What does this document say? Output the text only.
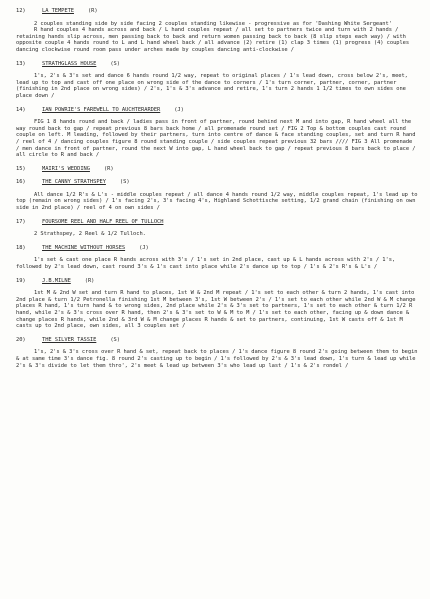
12)	LA TEMPETE	(R)

2 couples standing side by side facing 2 couples standing likewise - progressive as for 'Dashing White Sergeant'

R hand couples 4 hands across and back / L hand couples repeat / all set to partners twice and turn with 2 hands / retaining hands slip across, men passing back to back and return women passing back to back (8 slip steps each way) / with opposite couple 4 hands round to L and L hand wheel back / all advance (2) retire (1) clap 3 times (1) progress (4) couples dancing clockwise round room pass under arches made by couples dancing anti-clockwise /

13)	STRATHGLASS HOUSE	(S)

1's, 2's & 3's set and dance 6 hands round 1/2 way, repeat to original places / 1's lead down, cross below 2's, meet, lead up to top and cast off one place on wrong side of the dance to corners / 1's turn corner, partner, corner, partner (finishing in 2nd place on wrong sides) / 2's, 1's & 3's advance and retire, 1's turn 2 hands 1 1/2 times to own sides one place down /

14)	IAN POWRIE'S FAREWELL TO AUCHTERARDER	(J)

FIG 1 8 hands round and back / ladies pass in front of partner, round behind next M and into gap, R hand wheel all the way round back to gap / repeat previous 8 bars back home / all promenade round set / FIG 2 Top & bottom couples cast round couple on left. M leading, followed by their partners, turn into centre of dance & face standing couples, set and turn R hand / reel of 4 / dancing couples figure 8 round standing couple / side couples repeat previous 32 bars //// FIG 3 All promenade / men dance in front of partner, round the next W into gap, L hand wheel back to gap / repeat previous 8 bars back to place / all circle to R and back /

15)	MAIRI'S WEDDING	(R)
16)	THE CANNY STRATHSPEY	(S)

All dance 1/2 R's & L's - middle couples repeat / all dance 4 hands round 1/2 way, middle couples repeat, 1's lead up to top (remain on wrong sides) / 1's facing 2's, 3's facing 4's, Highland Schottische setting, 1/2 grand chain (finishing on own side in 2nd place) / reel of 4 on own sides /

17)	FOURSOME REEL AND HALF REEL OF TULLOCH

2 Strathspey, 2 Reel & 1/2 Tulloch.

18)	THE MACHINE WITHOUT HORSES	(J)

1's set & cast one place R hands across with 3's / 1's set in 2nd place, cast up & L hands across with 2's / 1's, followed by 2's lead down, cast round 3's & 1's cast into place while 2's dance up to top / 1's & 2's R's & L's /

19)	J.B.MILNE	(R)

1st M & 2nd W set and turn R hand to places, 1st W & 2nd M repeat / 1's set to each other & turn 2 hands, 1's cast into 2nd place & turn 1/2 Petronella finishing 1st M between 3's, 1st W between 2's / 1's set to each other while 2nd W & M change places R hand, 1's turn hand & to wrong sides, 2nd place while 2's & 3's set to partners, 1's set to each other & turn 1/2 R hand, while 2's & 3's cross over R hand, then 2's & 3's set to W & M to M / 1's set to each other, facing up & down dance & change places R hands, while 2nd & 3rd W & M change places R hands & set to partners, continuing, 1st W casts off & 1st M casts up to 2nd place, own sides, all 3 couples set /

20)	THE SILVER TASSIE	(S)

1's, 2's & 3's cross over R hand & set, repeat back to places / 1's dance figure 8 round 2's going between them to begin & at same time 3's dance fig. 8 round 2's casting up to begin / 1's followed by 2's & 3's lead down, 1's turn & lead up while 2's & 3's divide to let them thro', 2's meet & lead up between 3's who lead up last / 1's & 2's rondel /
